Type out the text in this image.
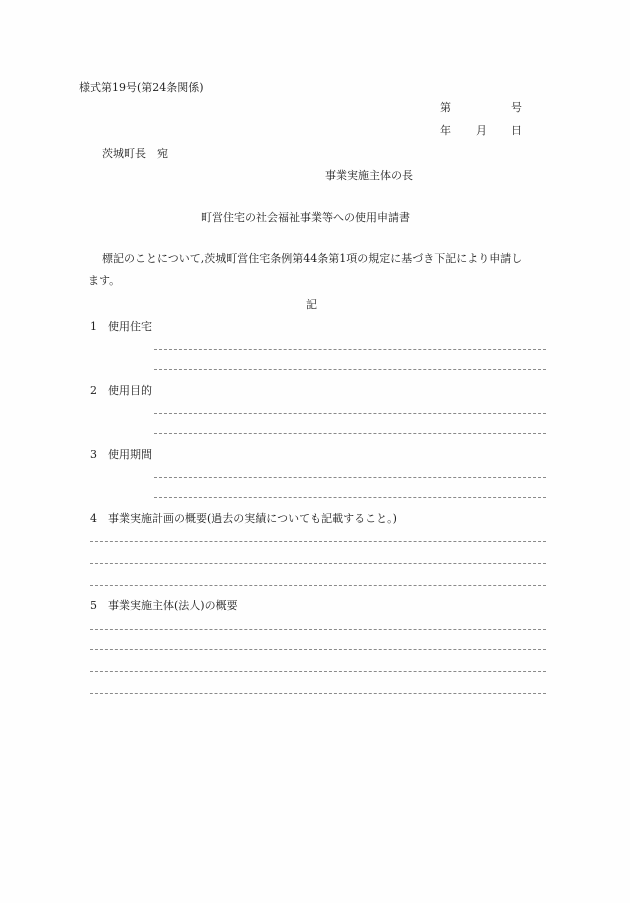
様式第19号(第24条関係)
第	号
年 月 日
茨城町長　宛
事業実施主体の長
町営住宅の社会福祉事業等への使用申請書
標記のことについて,茨城町営住宅条例第44条第1項の規定に基づき下記により申請し
ます。
記
1 使用住宅
2 使用目的
3 使用期間
4 事業実施計画の概要(過去の実績についても記載すること。)
5 事業実施主体(法人)の概要
